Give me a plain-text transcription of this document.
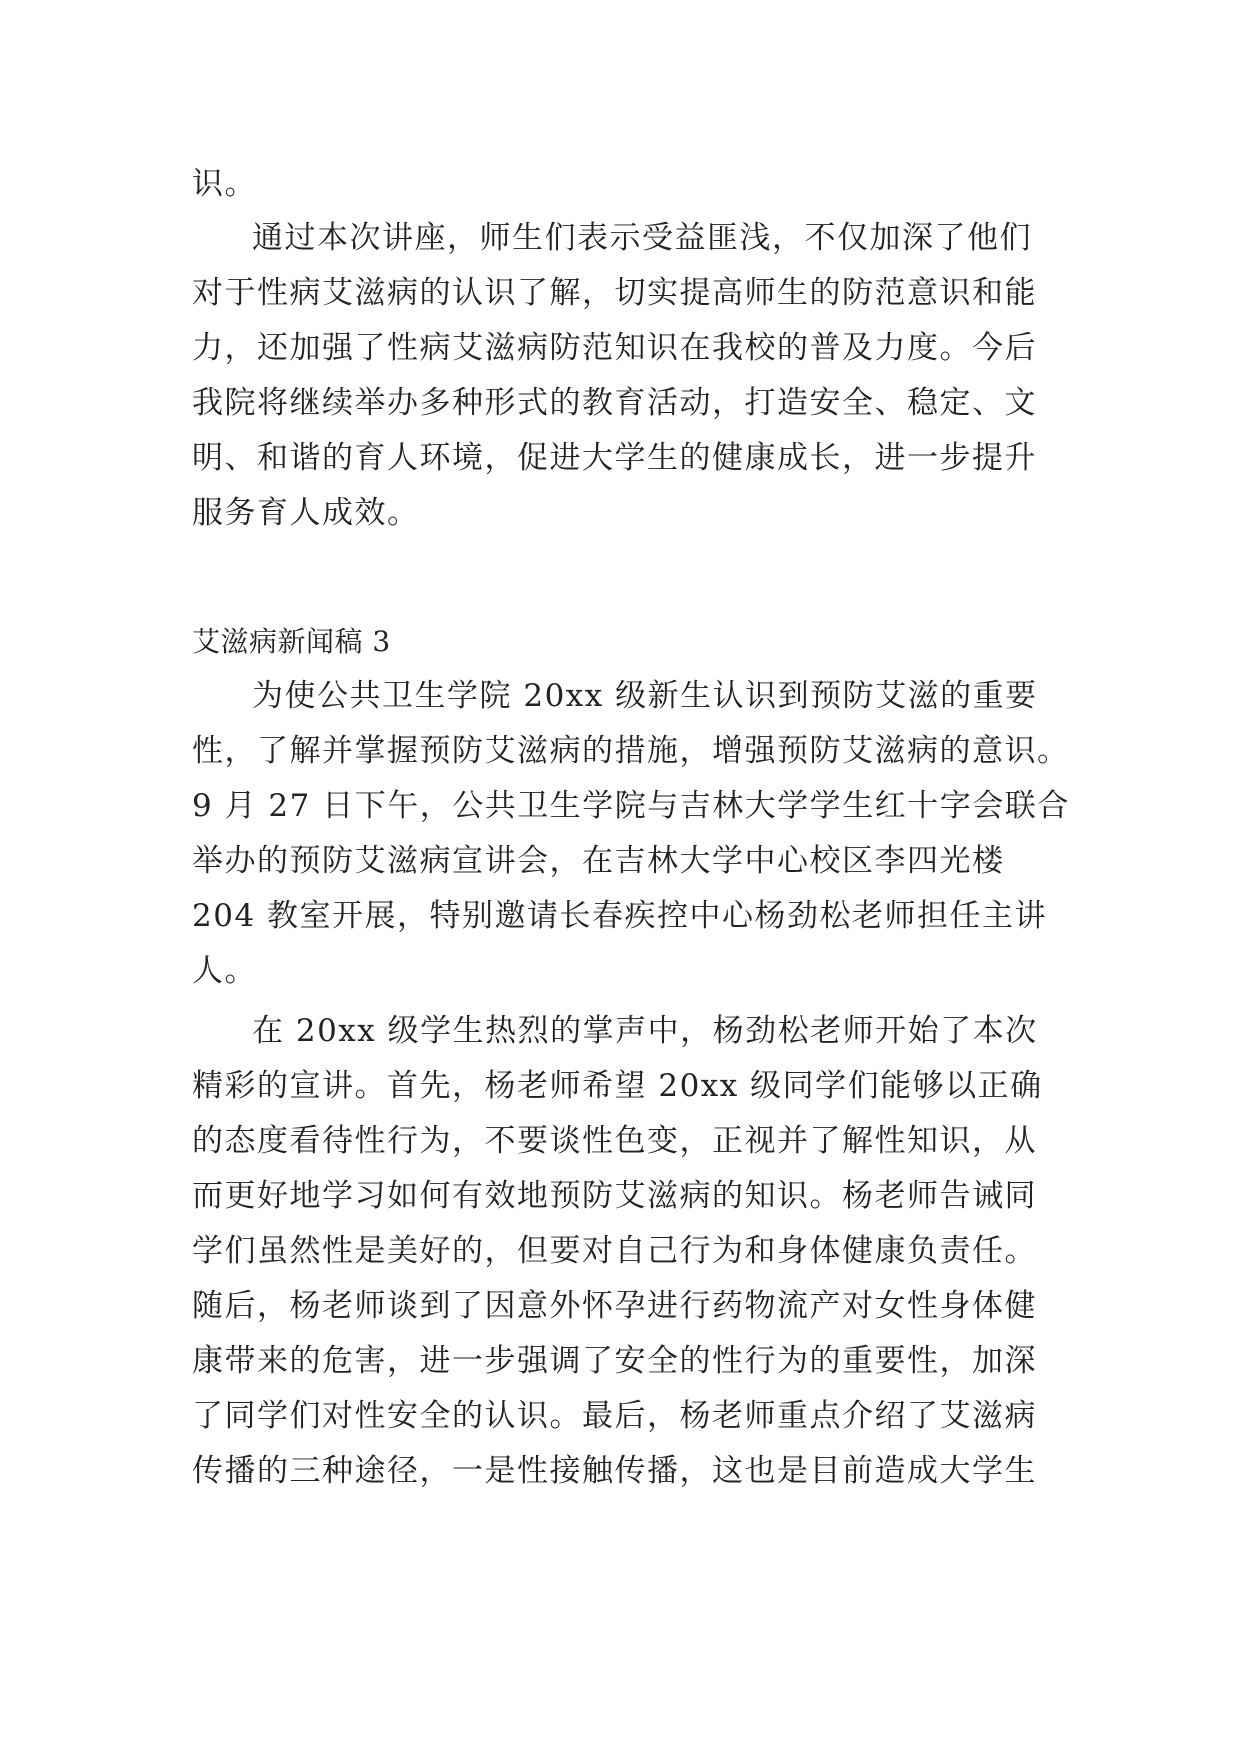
识。
通过本次讲座，师生们表示受益匪浅，不仅加深了他们
对于性病艾滋病的认识了解，切实提高师生的防范意识和能
力，还加强了性病艾滋病防范知识在我校的普及力度。今后
我院将继续举办多种形式的教育活动，打造安全、稳定、文
明、和谐的育人环境，促进大学生的健康成长，进一步提升
服务育人成效。
艾滋病新闻稿 3
为使公共卫生学院 20xx 级新生认识到预防艾滋的重要
性，了解并掌握预防艾滋病的措施，增强预防艾滋病的意识。
9 月 27 日下午，公共卫生学院与吉林大学学生红十字会联合
举办的预防艾滋病宣讲会，在吉林大学中心校区李四光楼
204 教室开展，特别邀请长春疾控中心杨劲松老师担任主讲
人。
在 20xx 级学生热烈的掌声中，杨劲松老师开始了本次
精彩的宣讲。首先，杨老师希望 20xx 级同学们能够以正确
的态度看待性行为，不要谈性色变，正视并了解性知识，从
而更好地学习如何有效地预防艾滋病的知识。杨老师告诫同
学们虽然性是美好的，但要对自己行为和身体健康负责任。
随后，杨老师谈到了因意外怀孕进行药物流产对女性身体健
康带来的危害，进一步强调了安全的性行为的重要性，加深
了同学们对性安全的认识。最后，杨老师重点介绍了艾滋病
传播的三种途径，一是性接触传播，这也是目前造成大学生
